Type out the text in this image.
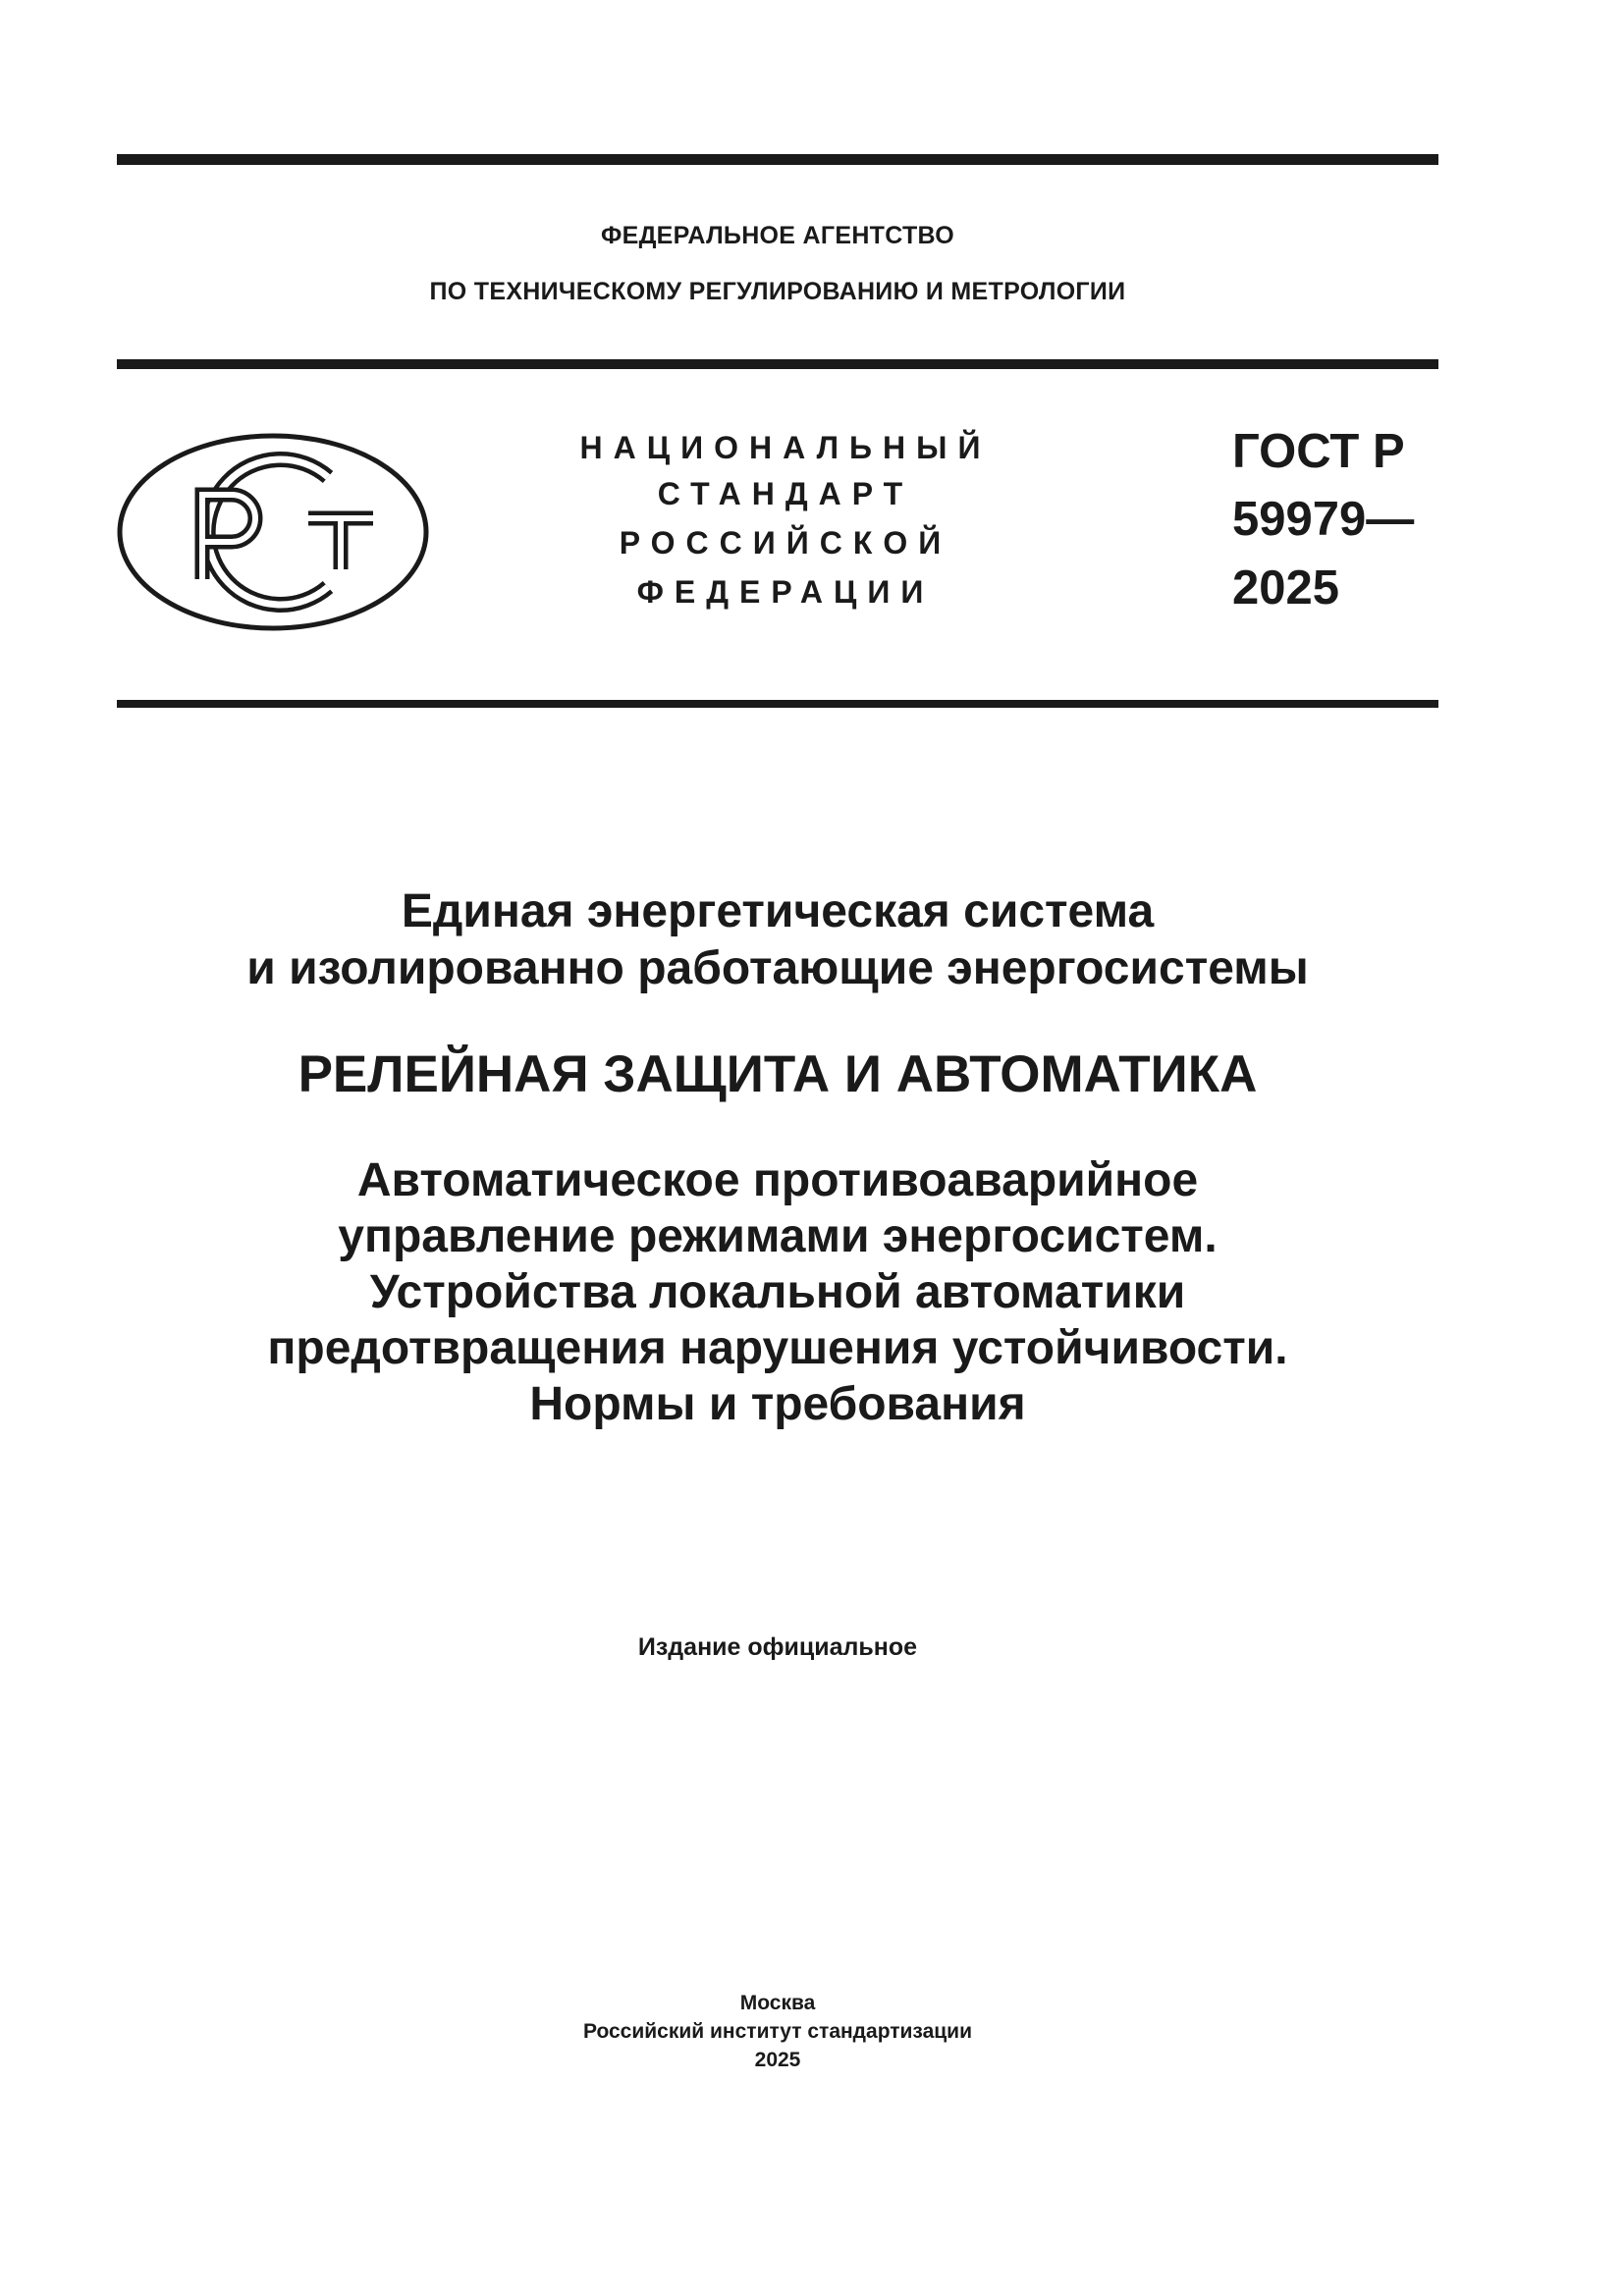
ФЕДЕРАЛЬНОЕ АГЕНТСТВО
ПО ТЕХНИЧЕСКОМУ РЕГУЛИРОВАНИЮ И МЕТРОЛОГИИ
НАЦИОНАЛЬНЫЙ
СТАНДАРТ
РОССИЙСКОЙ
ФЕДЕРАЦИИ
ГОСТ Р
59979—
2025
Единая энергетическая система
и изолированно работающие энергосистемы
РЕЛЕЙНАЯ ЗАЩИТА И АВТОМАТИКА
Автоматическое противоаварийное
управление режимами энергосистем.
Устройства локальной автоматики
предотвращения нарушения устойчивости.
Нормы и требования
Издание официальное
Москва
Российский институт стандартизации
2025
